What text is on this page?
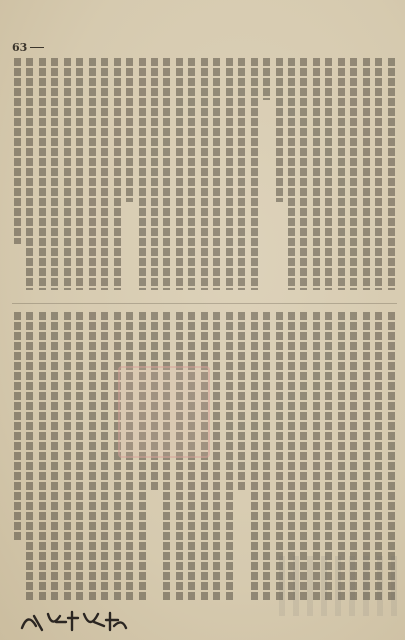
63
